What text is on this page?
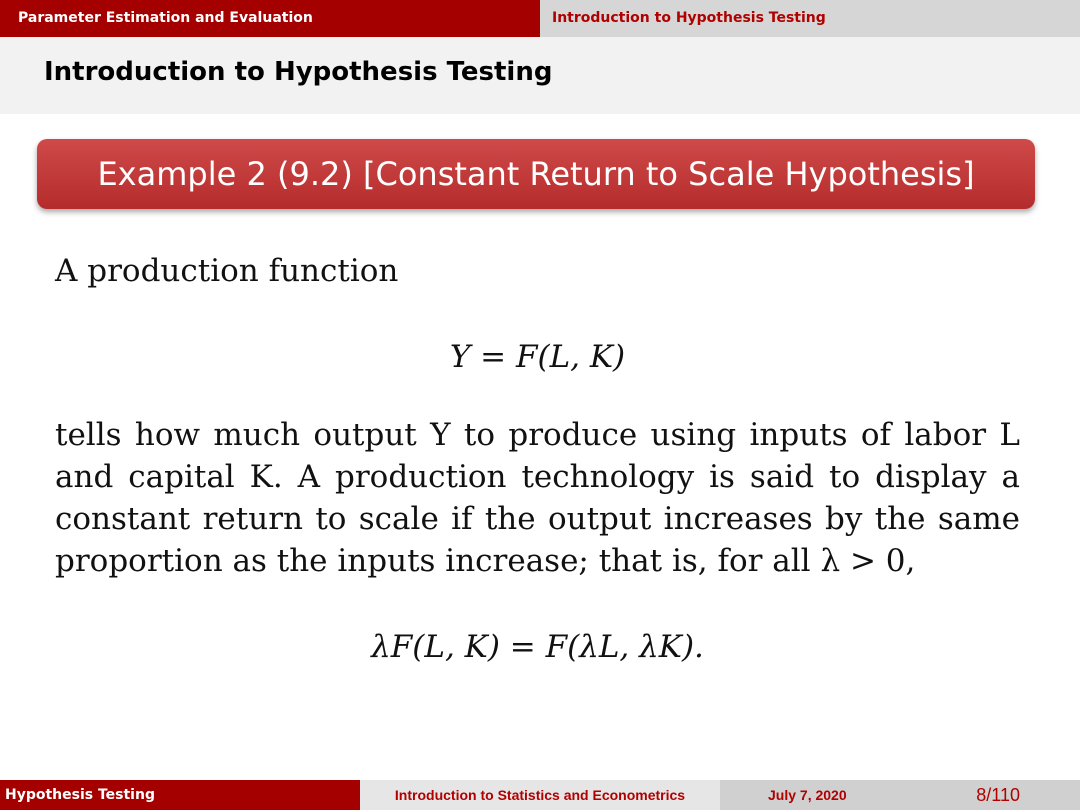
Parameter Estimation and Evaluation	Introduction to Hypothesis Testing
Introduction to Hypothesis Testing
Example 2 (9.2) [Constant Return to Scale Hypothesis]

A production function

Y = F(L, K)

tells how much output Y to produce using inputs of labor L and capital K. A production technology is said to display a constant return to scale if the output increases by the same proportion as the inputs increase; that is, for all λ > 0,

λF(L, K) = F(λL, λK).

Hypothesis Testing	Introduction to Statistics and Econometrics	July 7, 2020	8/110
